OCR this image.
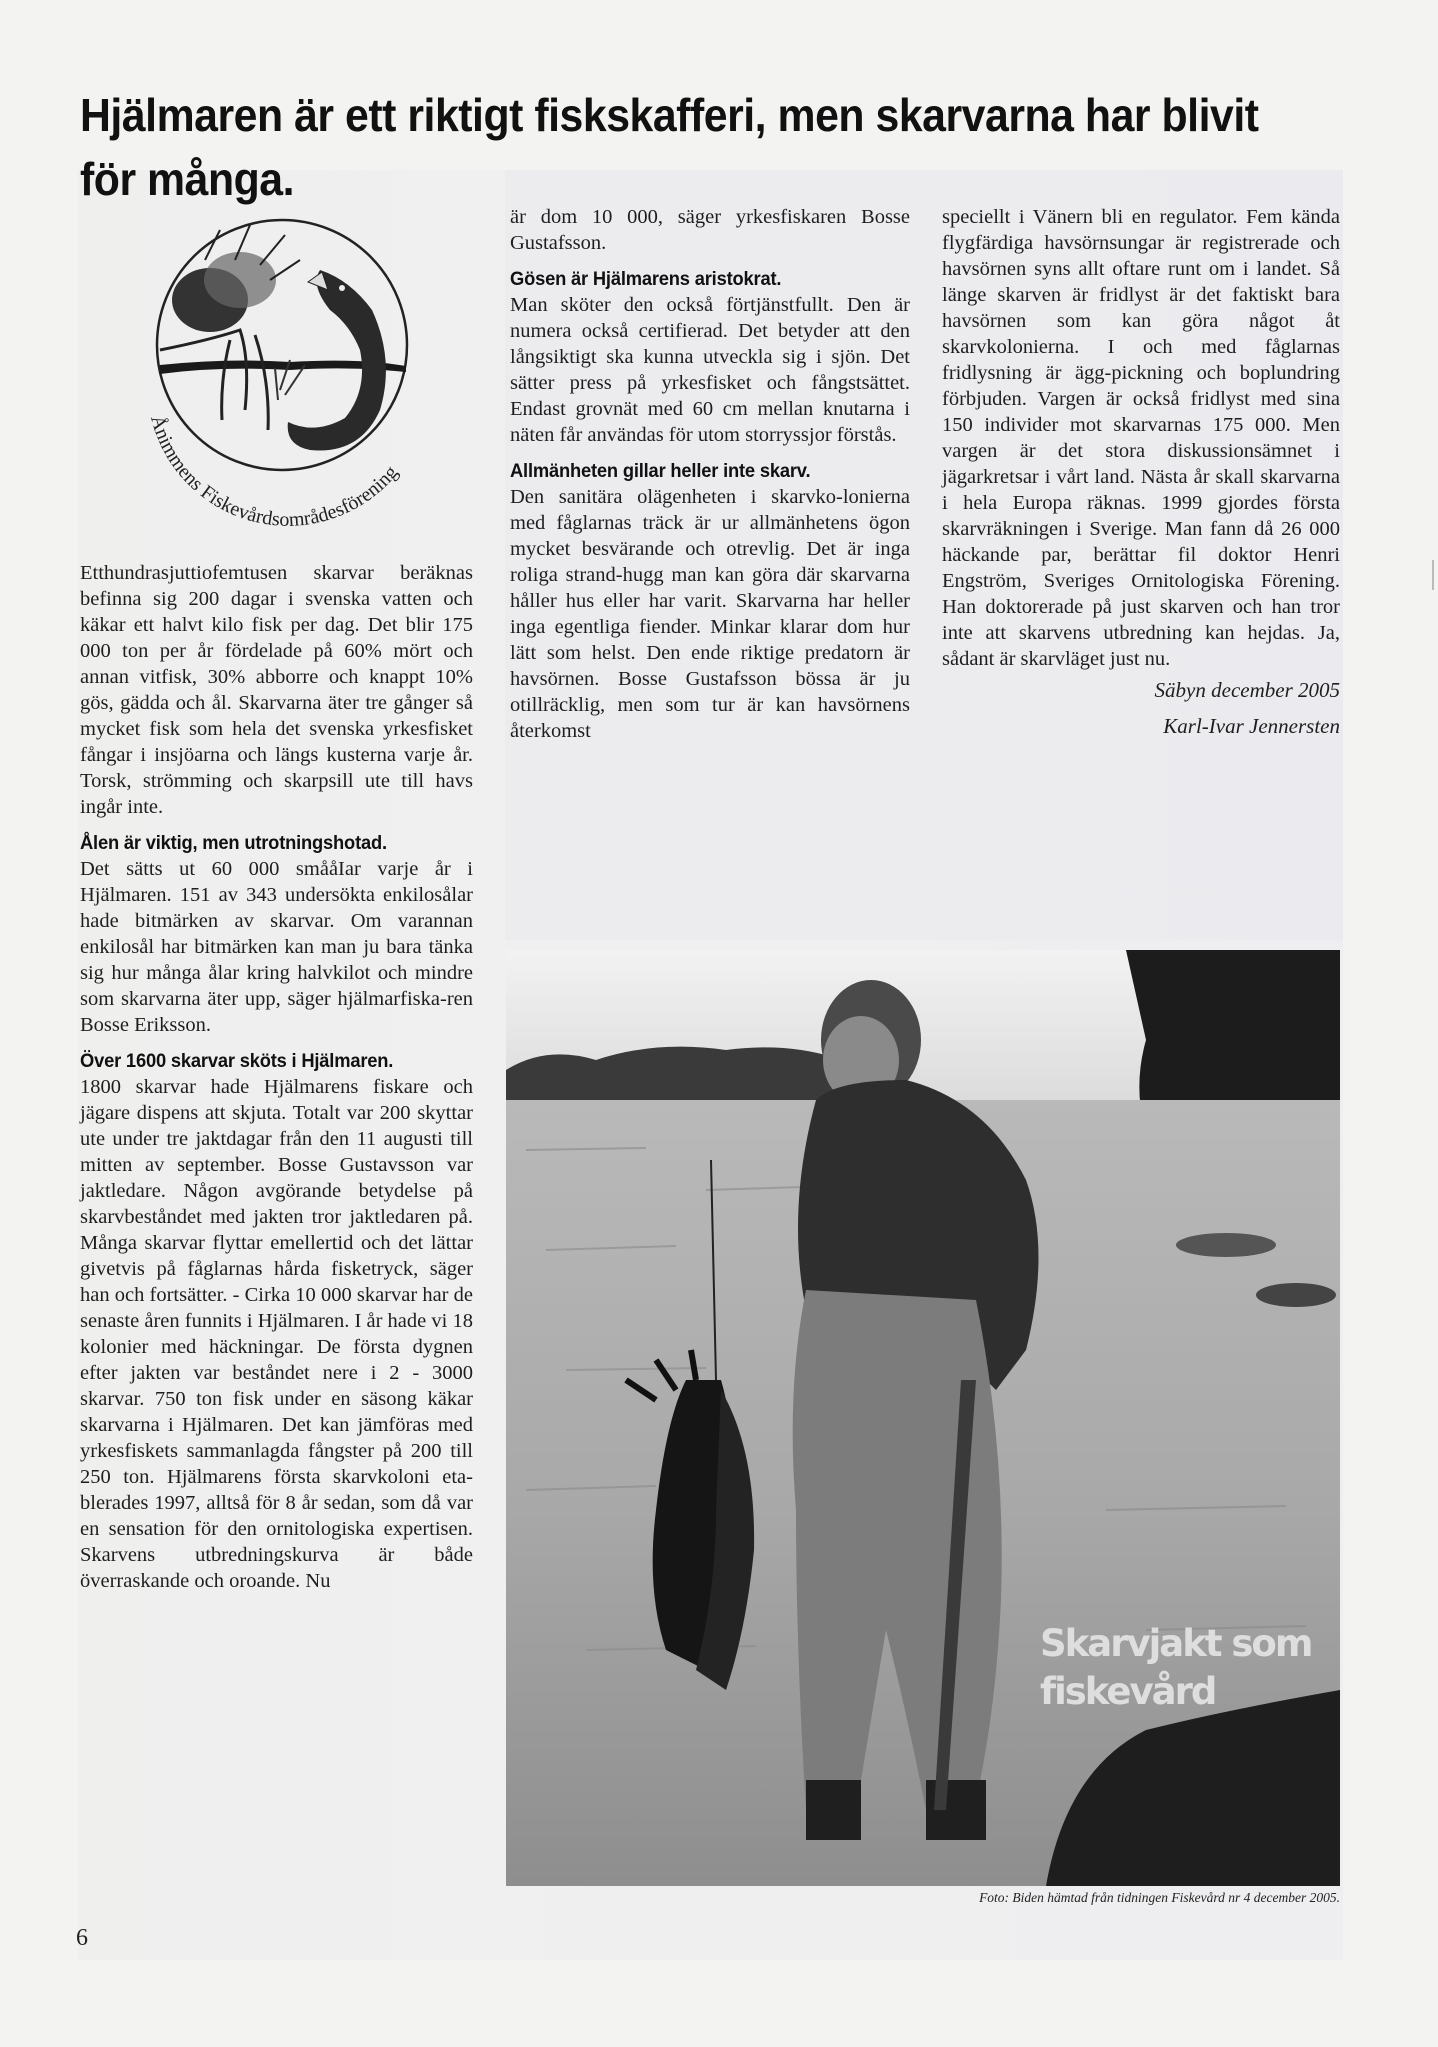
Hjälmaren är ett riktigt fiskskafferi, men skarvarna har blivit för många.
Ånimmens Fiskevårdsområdesförening

Etthundrasjuttiofemtusen skarvar beräknas befinna sig 200 dagar i svenska vatten och käkar ett halvt kilo fisk per dag. Det blir 175 000 ton per år fördelade på 60% mört och annan vitfisk, 30% abborre och knappt 10% gös, gädda och ål. Skarvarna äter tre gånger så mycket fisk som hela det svenska yrkesfisket fångar i insjöarna och längs kusterna varje år. Torsk, strömming och skarpsill ute till havs ingår inte.

Ålen är viktig, men utrotningshotad.

Det sätts ut 60 000 smååIar varje år i Hjälmaren. 151 av 343 undersökta enkilosålar hade bitmärken av skarvar. Om varannan enkilosål har bitmärken kan man ju bara tänka sig hur många ålar kring halvkilot och mindre som skarvarna äter upp, säger hjälmarfiska-ren Bosse Eriksson.

Över 1600 skarvar sköts i Hjälmaren.

1800 skarvar hade Hjälmarens fiskare och jägare dispens att skjuta. Totalt var 200 skyttar ute under tre jaktdagar från den 11 augusti till mitten av september. Bosse Gustavsson var jaktledare. Någon avgörande betydelse på skarvbeståndet med jakten tror jaktledaren på. Många skarvar flyttar emellertid och det lättar givetvis på fåglarnas hårda fisketryck, säger han och fortsätter. - Cirka 10 000 skarvar har de senaste åren funnits i Hjälmaren. I år hade vi 18 kolonier med häckningar. De första dygnen efter jakten var beståndet nere i 2 - 3000 skarvar. 750 ton fisk under en säsong käkar skarvarna i Hjälmaren. Det kan jämföras med yrkesfiskets sammanlagda fångster på 200 till 250 ton. Hjälmarens första skarvkoloni eta-blerades 1997, alltså för 8 år sedan, som då var en sensation för den ornitologiska expertisen. Skarvens utbredningskurva är både överraskande och oroande. Nu

är dom 10 000, säger yrkesfiskaren Bosse Gustafsson.

Gösen är Hjälmarens aristokrat.

Man sköter den också förtjänstfullt. Den är numera också certifierad. Det betyder att den långsiktigt ska kunna utveckla sig i sjön. Det sätter press på yrkesfisket och fångstsättet. Endast grovnät med 60 cm mellan knutarna i näten får användas för utom storryssjor förstås.

Allmänheten gillar heller inte skarv.

Den sanitära olägenheten i skarvko-lonierna med fåglarnas träck är ur allmänhetens ögon mycket besvärande och otrevlig. Det är inga roliga strand-hugg man kan göra där skarvarna håller hus eller har varit. Skarvarna har heller inga egentliga fiender. Minkar klarar dom hur lätt som helst. Den ende riktige predatorn är havsörnen. Bosse Gustafsson bössa är ju otillräcklig, men som tur är kan havsörnens återkomst

speciellt i Vänern bli en regulator. Fem kända flygfärdiga havsörnsungar är registrerade och havsörnen syns allt oftare runt om i landet. Så länge skarven är fridlyst är det faktiskt bara havsörnen som kan göra något åt skarvkolonierna. I och med fåglarnas fridlysning är ägg-pickning och boplundring förbjuden. Vargen är också fridlyst med sina 150 individer mot skarvarnas 175 000. Men vargen är det stora diskussionsämnet i jägarkretsar i vårt land. Nästa år skall skarvarna i hela Europa räknas. 1999 gjordes första skarvräkningen i Sverige. Man fann då 26 000 häckande par, berättar fil doktor Henri Engström, Sveriges Ornitologiska Förening. Han doktorerade på just skarven och han tror inte att skarvens utbredning kan hejdas. Ja, sådant är skarvläget just nu.

Säbyn december 2005
Karl-Ivar Jennersten
Skarvjakt som fiskevård
Foto: Biden hämtad från tidningen Fiskevård nr 4 december 2005.
6
